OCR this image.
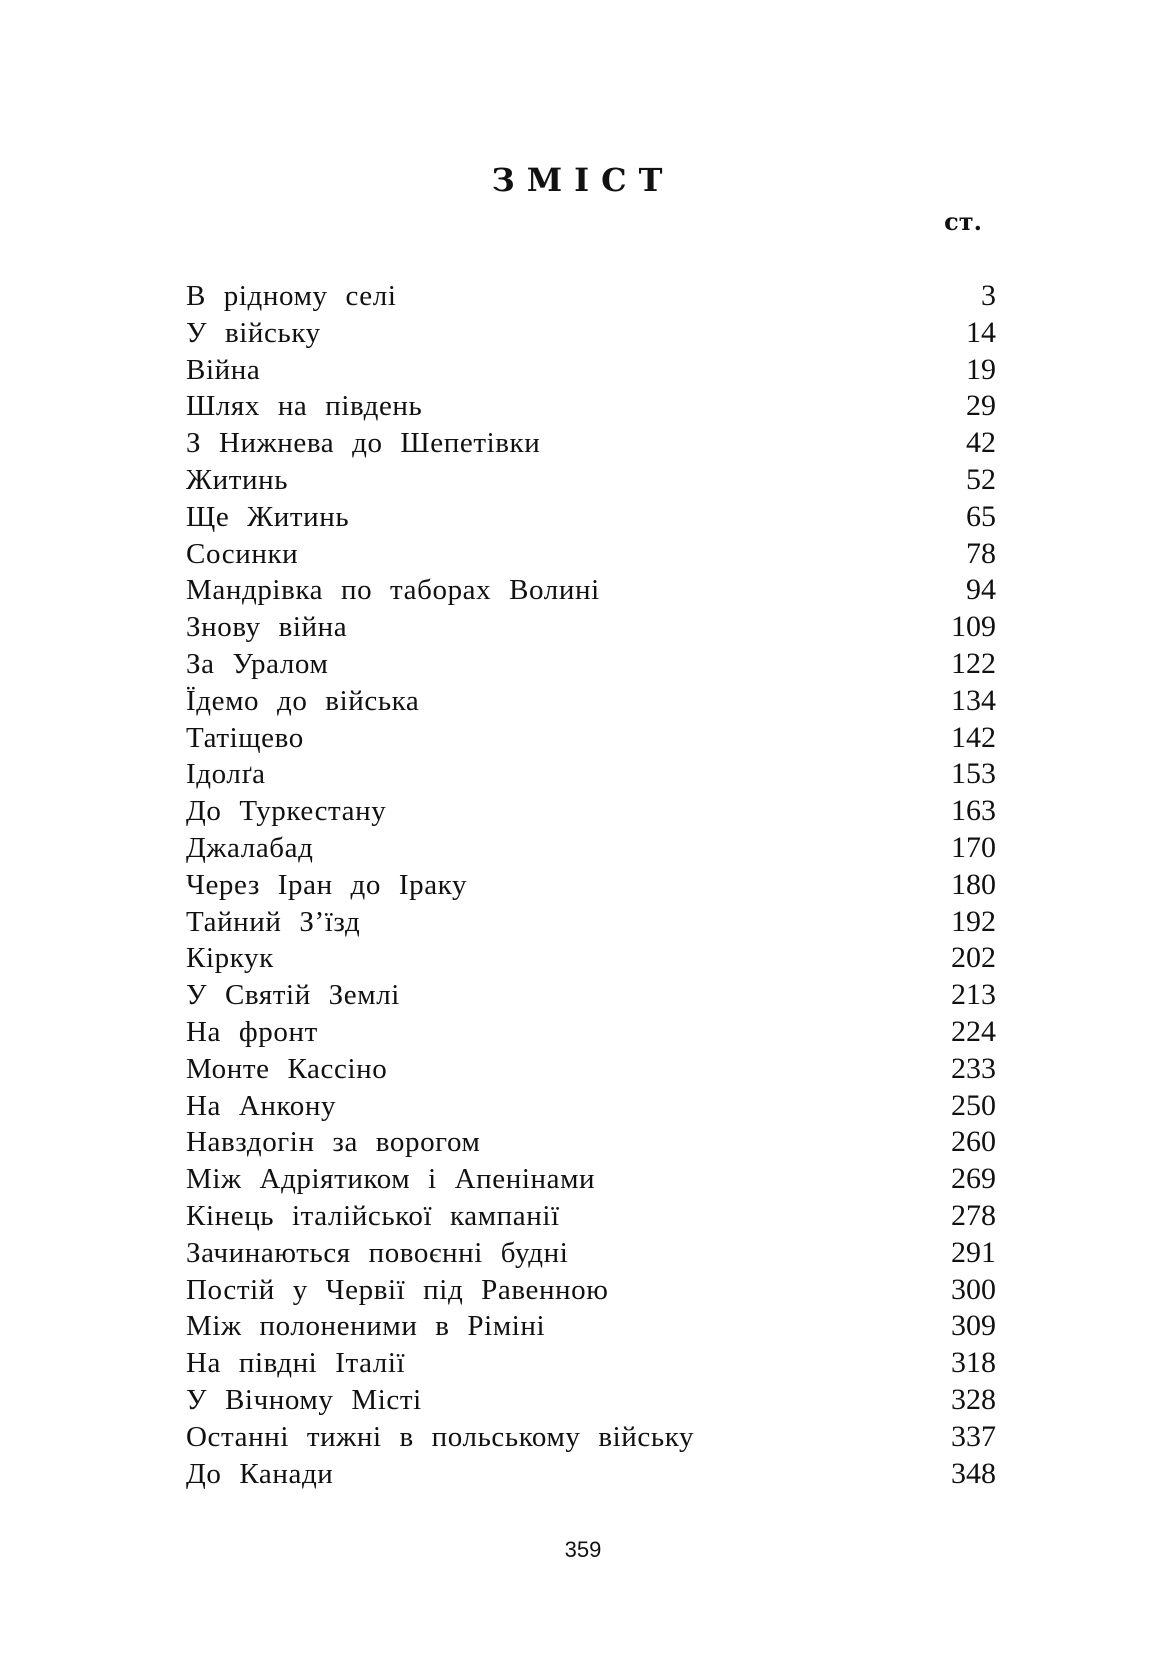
ЗМІСТ
ст.
В рідному селі	3
У війську	14
Війна	19
Шлях на південь	29
З Нижнева до Шепетівки	42
Житинь	52
Ще Житинь	65
Сосинки	78
Мандрівка по таборах Волині	94
Знову війна	109
За Уралом	122
Їдемо до війська	134
Татіщево	142
Ідолґа	153
До Туркестану	163
Джалабад	170
Через Іран до Іраку	180
Тайний З’їзд	192
Кіркук	202
У Святій Землі	213
На фронт	224
Монте Кассіно	233
На Анкону	250
Навздогін за ворогом	260
Між Адріятиком і Апенінами	269
Кінець італійської кампанії	278
Зачинаються повоєнні будні	291
Постій у Червії під Равенною	300
Між полоненими в Ріміні	309
На півдні Італії	318
У Вічному Місті	328
Останні тижні в польському війську	337
До Канади	348
359
